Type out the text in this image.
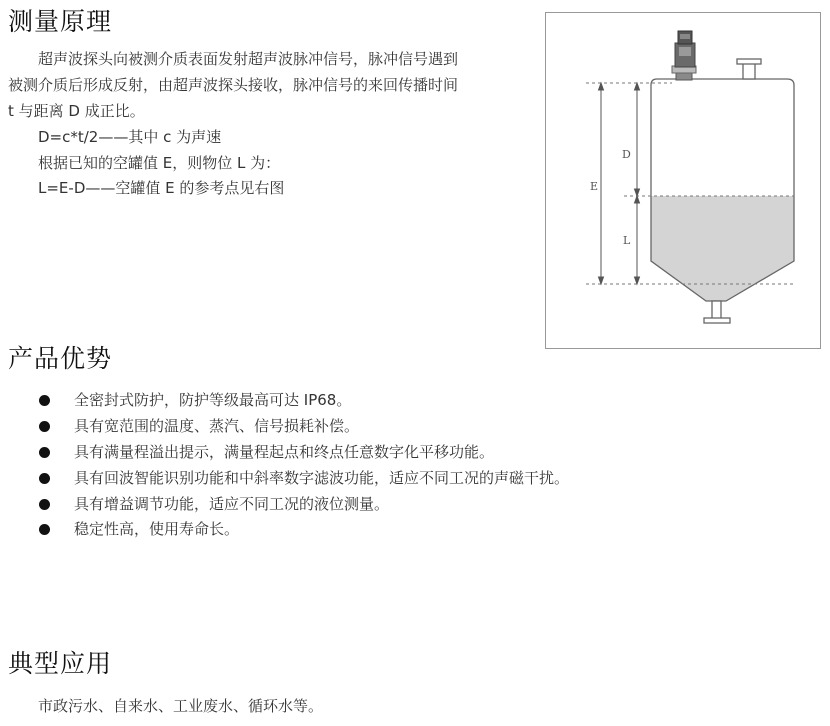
测量原理
超声波探头向被测介质表面发射超声波脉冲信号，脉冲信号遇到
被测介质后形成反射，由超声波探头接收，脉冲信号的来回传播时间
t 与距离 D 成正比。
D=c*t/2——其中 c 为声速
根据已知的空罐值 E，则物位 L 为：
L=E-D——空罐值 E 的参考点见右图	E
D
L
产品优势
全密封式防护，防护等级最高可达 IP68。
具有宽范围的温度、蒸汽、信号损耗补偿。
具有满量程溢出提示，满量程起点和终点任意数字化平移功能。
具有回波智能识别功能和中斜率数字滤波功能，适应不同工况的声磁干扰。
具有增益调节功能，适应不同工况的液位测量。
稳定性高，使用寿命长。
典型应用
市政污水、自来水、工业废水、循环水等。
